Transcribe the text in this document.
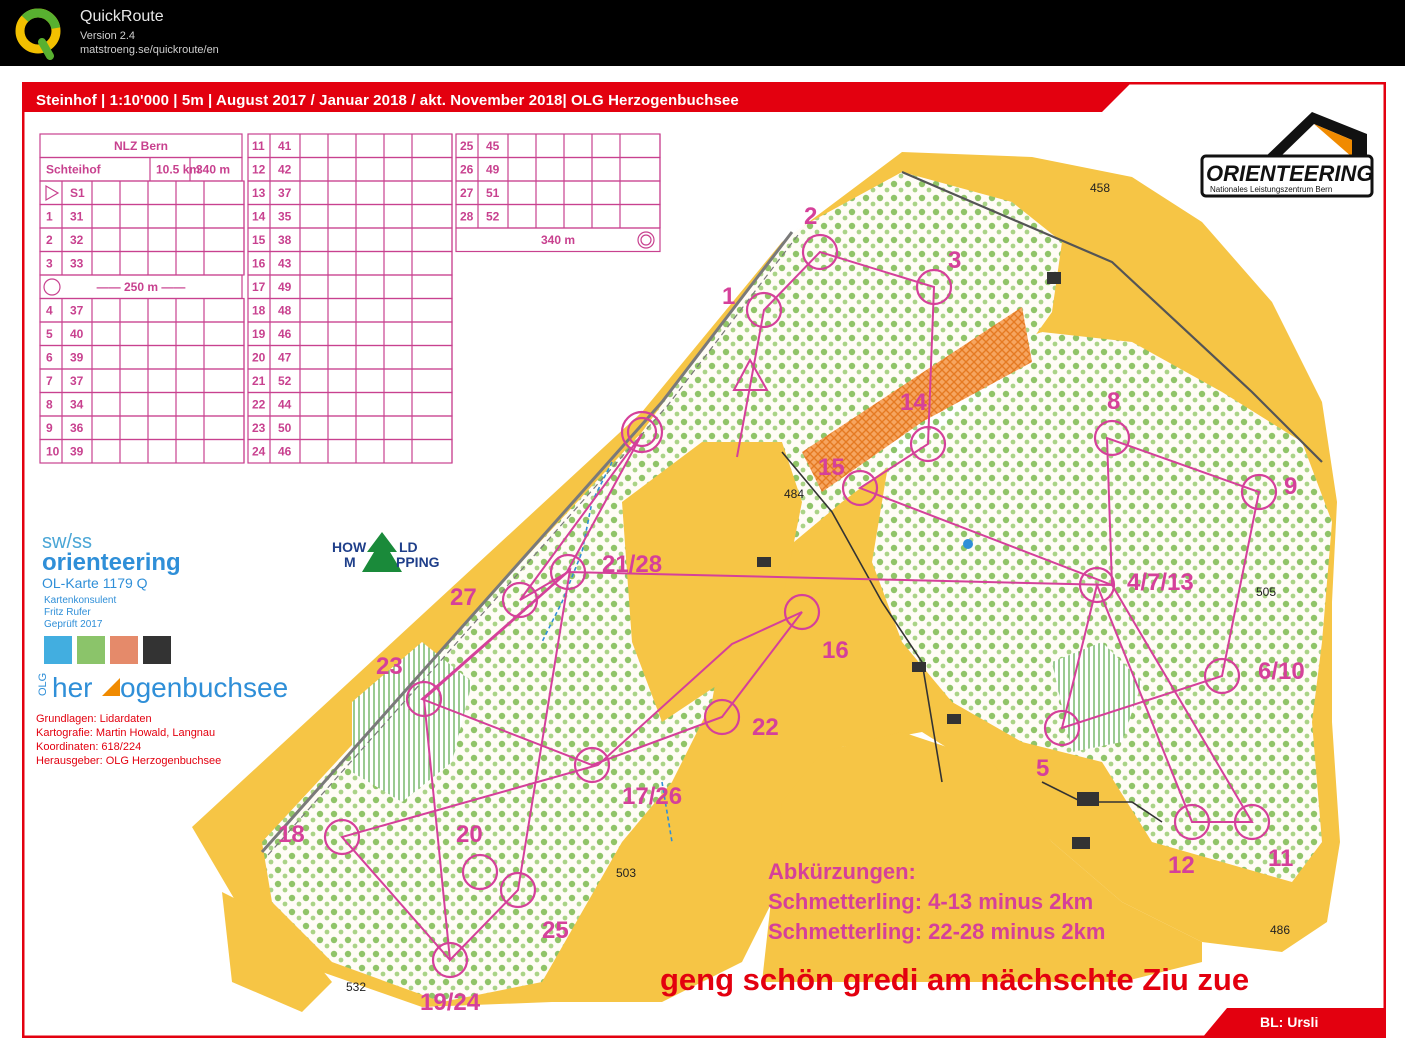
QuickRoute
Version 2.4
matstroeng.se/quickroute/en
1
2
3
14	8
15
9
21/28
27
4/7/13
16
6/10
23
22
5
17/26
18	20
12	11
25
19/24
458
484
505
503
486
532
Abkürzungen:
Schmetterling: 4-13 minus 2km
Schmetterling: 22-28 minus 2km
geng schön gredi am nächschte Ziu zue
BL: Ursli
ORIENTEERING
Nationales Leistungszentrum Bern
sw/ss
orienteering
OL-Karte 1179 Q
Kartenkonsulent
Fritz Rufer
Geprüft 2017
HOW LD
M	PPING
OLG her ogenbuchsee
Grundlagen: Lidardaten
Kartografie: Martin Howald, Langnau
Koordinaten: 618/224
Herausgeber: OLG Herzogenbuchsee
Steinhof | 1:10'000 | 5m | August 2017 / Januar 2018 / akt. November 2018| OLG Herzogenbuchsee
NLZ Bern
Schteihof	10.5 km
340 m
S1
1 31
2 32
3 33
—— 250 m ——
4 37
5 40
6 39
7 37
8 34
9 36
10 39
11 41
12 42
13 37
14 35
15 38
16 43
17 49
18 48
19 46
20 47
21 52
22 44
23 50
24 46
25 45
26 49
27 51
28 52
340 m
